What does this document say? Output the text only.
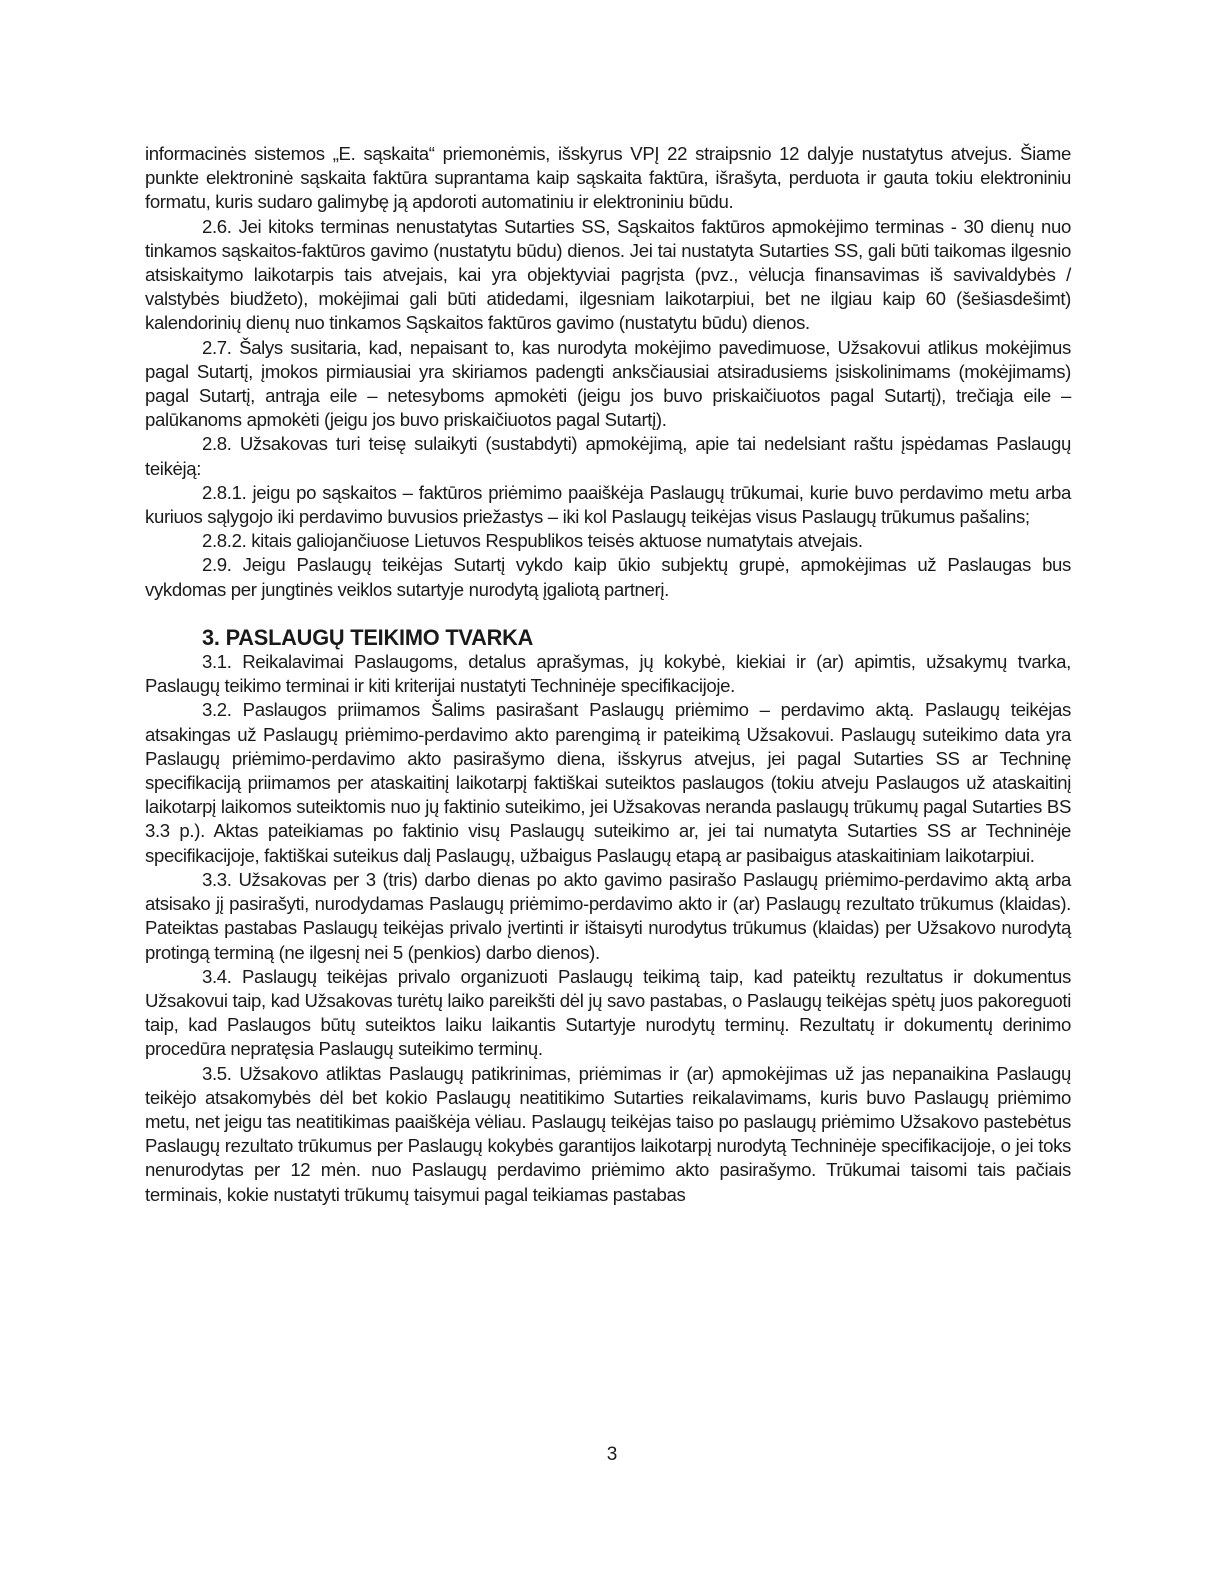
informacinės sistemos „E. sąskaita“ priemonėmis, išskyrus VPĮ 22 straipsnio 12 dalyje nustatytus atvejus. Šiame punkte elektroninė sąskaita faktūra suprantama kaip sąskaita faktūra, išrašyta, perduota ir gauta tokiu elektroniniu formatu, kuris sudaro galimybę ją apdoroti automatiniu ir elektroniniu būdu.

2.6. Jei kitoks terminas nenustatytas Sutarties SS, Sąskaitos faktūros apmokėjimo terminas - 30 dienų nuo tinkamos sąskaitos-faktūros gavimo (nustatytu būdu) dienos. Jei tai nustatyta Sutarties SS, gali būti taikomas ilgesnio atsiskaitymo laikotarpis tais atvejais, kai yra objektyviai pagrįsta (pvz., vėlucja finansavimas iš savivaldybės / valstybės biudžeto), mokėjimai gali būti atidedami, ilgesniam laikotarpiui, bet ne ilgiau kaip 60 (šešiasdešimt) kalendorinių dienų nuo tinkamos Sąskaitos faktūros gavimo (nustatytu būdu) dienos.

2.7. Šalys susitaria, kad, nepaisant to, kas nurodyta mokėjimo pavedimuose, Užsakovui atlikus mokėjimus pagal Sutartį, įmokos pirmiausiai yra skiriamos padengti anksčiausiai atsiradusiems įsiskolinimams (mokėjimams) pagal Sutartį, antrąja eile – netesyboms apmokėti (jeigu jos buvo priskaičiuotos pagal Sutartį), trečiąja eile – palūkanoms apmokėti (jeigu jos buvo priskaičiuotos pagal Sutartį).

2.8. Užsakovas turi teisę sulaikyti (sustabdyti) apmokėjimą, apie tai nedelsiant raštu įspėdamas Paslaugų teikėją:

2.8.1. jeigu po sąskaitos – faktūros priėmimo paaiškėja Paslaugų trūkumai, kurie buvo perdavimo metu arba kuriuos sąlygojo iki perdavimo buvusios priežastys – iki kol Paslaugų teikėjas visus Paslaugų trūkumus pašalins;

2.8.2. kitais galiojančiuose Lietuvos Respublikos teisės aktuose numatytais atvejais.

2.9. Jeigu Paslaugų teikėjas Sutartį vykdo kaip ūkio subjektų grupė, apmokėjimas už Paslaugas bus vykdomas per jungtinės veiklos sutartyje nurodytą įgaliotą partnerį.

3. PASLAUGŲ TEIKIMO TVARKA

3.1. Reikalavimai Paslaugoms, detalus aprašymas, jų kokybė, kiekiai ir (ar) apimtis, užsakymų tvarka, Paslaugų teikimo terminai ir kiti kriterijai nustatyti Techninėje specifikacijoje.

3.2. Paslaugos priimamos Šalims pasirašant Paslaugų priėmimo – perdavimo aktą. Paslaugų teikėjas atsakingas už Paslaugų priėmimo-perdavimo akto parengimą ir pateikimą Užsakovui. Paslaugų suteikimo data yra Paslaugų priėmimo-perdavimo akto pasirašymo diena, išskyrus atvejus, jei pagal Sutarties SS ar Techninę specifikaciją priimamos per ataskaitinį laikotarpį faktiškai suteiktos paslaugos (tokiu atveju Paslaugos už ataskaitinį laikotarpį laikomos suteiktomis nuo jų faktinio suteikimo, jei Užsakovas neranda paslaugų trūkumų pagal Sutarties BS 3.3 p.). Aktas pateikiamas po faktinio visų Paslaugų suteikimo ar, jei tai numatyta Sutarties SS ar Techninėje specifikacijoje, faktiškai suteikus dalį Paslaugų, užbaigus Paslaugų etapą ar pasibaigus ataskaitiniam laikotarpiui.

3.3. Užsakovas per 3 (tris) darbo dienas po akto gavimo pasirašo Paslaugų priėmimo-perdavimo aktą arba atsisako jį pasirašyti, nurodydamas Paslaugų priėmimo-perdavimo akto ir (ar) Paslaugų rezultato trūkumus (klaidas). Pateiktas pastabas Paslaugų teikėjas privalo įvertinti ir ištaisyti nurodytus trūkumus (klaidas) per Užsakovo nurodytą protingą terminą (ne ilgesnį nei 5 (penkios) darbo dienos).

3.4. Paslaugų teikėjas privalo organizuoti Paslaugų teikimą taip, kad pateiktų rezultatus ir dokumentus Užsakovui taip, kad Užsakovas turėtų laiko pareikšti dėl jų savo pastabas, o Paslaugų teikėjas spėtų juos pakoreguoti taip, kad Paslaugos būtų suteiktos laiku laikantis Sutartyje nurodytų terminų. Rezultatų ir dokumentų derinimo procedūra nepratęsia Paslaugų suteikimo terminų.

3.5. Užsakovo atliktas Paslaugų patikrinimas, priėmimas ir (ar) apmokėjimas už jas nepanaikina Paslaugų teikėjo atsakomybės dėl bet kokio Paslaugų neatitikimo Sutarties reikalavimams, kuris buvo Paslaugų priėmimo metu, net jeigu tas neatitikimas paaiškėja vėliau. Paslaugų teikėjas taiso po paslaugų priėmimo Užsakovo pastebėtus Paslaugų rezultato trūkumus per Paslaugų kokybės garantijos laikotarpį nurodytą Techninėje specifikacijoje, o jei toks nenurodytas per 12 mėn. nuo Paslaugų perdavimo priėmimo akto pasirašymo. Trūkumai taisomi tais pačiais terminais, kokie nustatyti trūkumų taisymui pagal teikiamas pastabas

3
